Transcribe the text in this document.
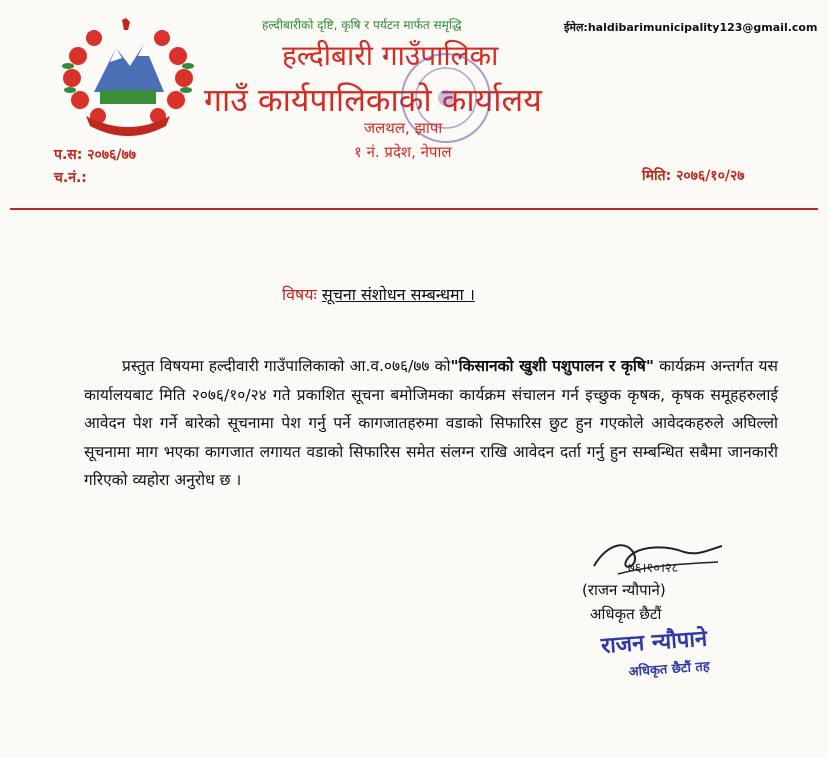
हल्दीबारीको दृष्टि, कृषि र पर्यटन मार्फत समृद्धि	ईमेल:haldibarimunicipality123@gmail.com
हल्दीबारी गाउँपालिका
गाउँ कार्यपालिकाको कार्यालय
जलथल, झापा
१ नं. प्रदेश, नेपाल
प.स: २०७६/७७
च.नं.:	मिति: २०७६/१०/२७
विषयः सूचना संशोधन सम्बन्धमा ।
प्रस्तुत विषयमा हल्दीवारी गाउँपालिकाको आ.व.०७६/७७ को"किसानको खुशी पशुपालन र कृषि" कार्यक्रम अन्तर्गत यस कार्यालयबाट मिति २०७६/१०/२४ गते प्रकाशित सूचना बमोजिमका कार्यक्रम संचालन गर्न इच्छुक कृषक, कृषक समूहहरुलाई आवेदन पेश गर्ने बारेको सूचनामा पेश गर्नु पर्ने कागजातहरुमा वडाको सिफारिस छुट हुन गएकोले आवेदकहरुले अघिल्लो सूचनामा माग भएका कागजात लगायत वडाको सिफारिस समेत संलग्न राखि आवेदन दर्ता गर्नु हुन सम्बन्धित सबैमा जानकारी गरिएको व्यहोरा अनुरोध छ ।
७६।१०।२८
(राजन न्यौपाने)
अधिकृत छैटौं
राजन न्यौपाने
अधिकृत छैटौं तह
